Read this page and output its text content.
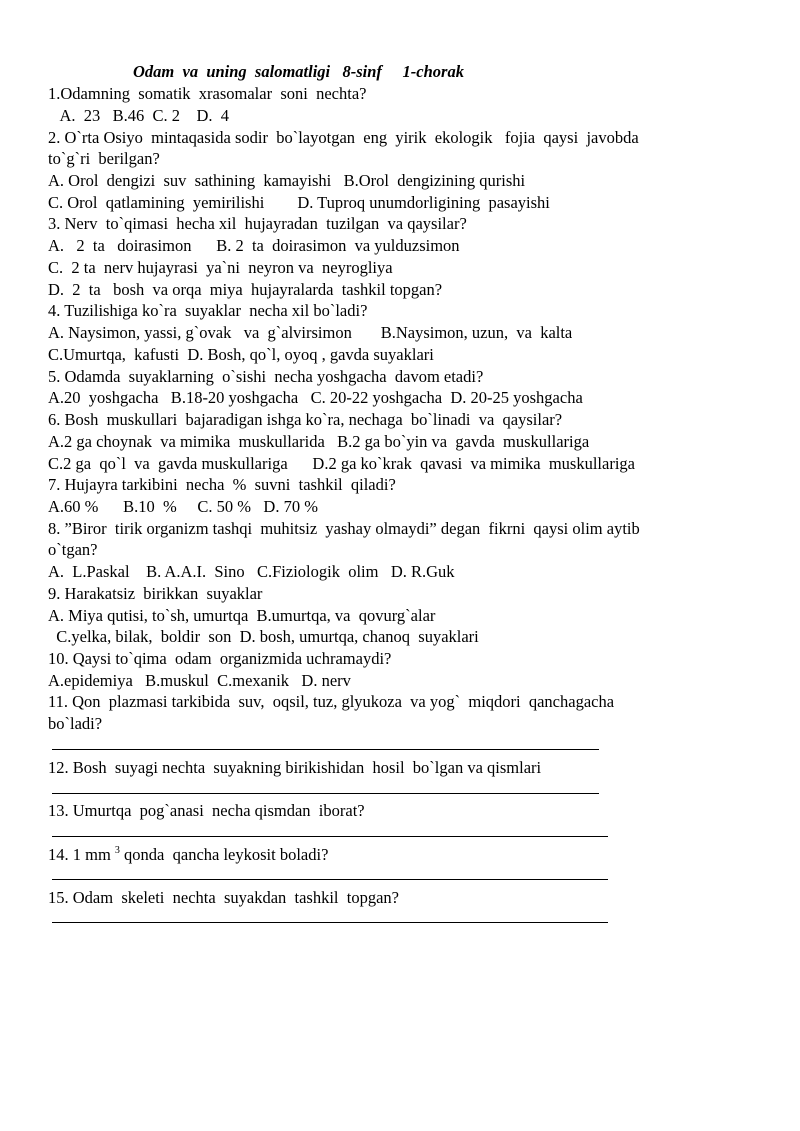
Odam  va  uning  salomatligi   8-sinf     1-chorak
1.Odamning  somatik  xrasomalar  soni  nechta?
A.  23   B.46  C. 2    D.  4
2. O`rta Osiyo  mintaqasida sodir  bo`layotgan  eng  yirik  ekologik   fojia  qaysi  javobda
to`g`ri  berilgan?
A. Orol  dengizi  suv  sathining  kamayishi   B.Orol  dengizining qurishi
C. Orol  qatlamining  yemirilishi        D. Tuproq unumdorligining  pasayishi
3. Nerv  to`qimasi  hecha xil  hujayradan  tuzilgan  va qaysilar?
A.   2  ta   doirasimon      B. 2  ta  doirasimon  va yulduzsimon
C.  2 ta  nerv hujayrasi  ya`ni  neyron va  neyrogliya
D.  2  ta   bosh  va orqa  miya  hujayralarda  tashkil topgan?
4. Tuzilishiga ko`ra  suyaklar  necha xil bo`ladi?
A. Naysimon, yassi, g`ovak   va  g`alvirsimon       B.Naysimon, uzun,  va  kalta
C.Umurtqa,  kafusti  D. Bosh, qo`l, oyoq , gavda suyaklari
5. Odamda  suyaklarning  o`sishi  necha yoshgacha  davom etadi?
A.20  yoshgacha   B.18-20 yoshgacha   C. 20-22 yoshgacha  D. 20-25 yoshgacha
6. Bosh  muskullari  bajaradigan ishga ko`ra, nechaga  bo`linadi  va  qaysilar?
A.2 ga choynak  va mimika  muskullarida   B.2 ga bo`yin va  gavda  muskullariga
C.2 ga  qo`l  va  gavda muskullariga      D.2 ga ko`krak  qavasi  va mimika  muskullariga
7. Hujayra tarkibini  necha  %  suvni  tashkil  qiladi?
A.60 %      B.10  %     C. 50 %   D. 70 %
8. ”Biror  tirik organizm tashqi  muhitsiz  yashay olmaydi” degan  fikrni  qaysi olim aytib
o`tgan?
A.  L.Paskal    B. A.A.I.  Sino   C.Fiziologik  olim   D. R.Guk
9. Harakatsiz  birikkan  suyaklar
A. Miya qutisi, to`sh, umurtqa  B.umurtqa, va  qovurg`alar
C.yelka, bilak,  boldir  son  D. bosh, umurtqa, chanoq  suyaklari
10. Qaysi to`qima  odam  organizmida uchramaydi?
A.epidemiya   B.muskul  C.mexanik   D. nerv
11. Qon  plazmasi tarkibida  suv,  oqsil, tuz, glyukoza  va yog`  miqdori  qanchagacha
bo`ladi?
12. Bosh  suyagi nechta  suyakning birikishidan  hosil  bo`lgan va qismlari
13. Umurtqa  pog`anasi  necha qismdan  iborat?
14. 1 mm $^3$ qonda  qancha leykosit boladi?
15. Odam  skeleti  nechta  suyakdan  tashkil  topgan?
